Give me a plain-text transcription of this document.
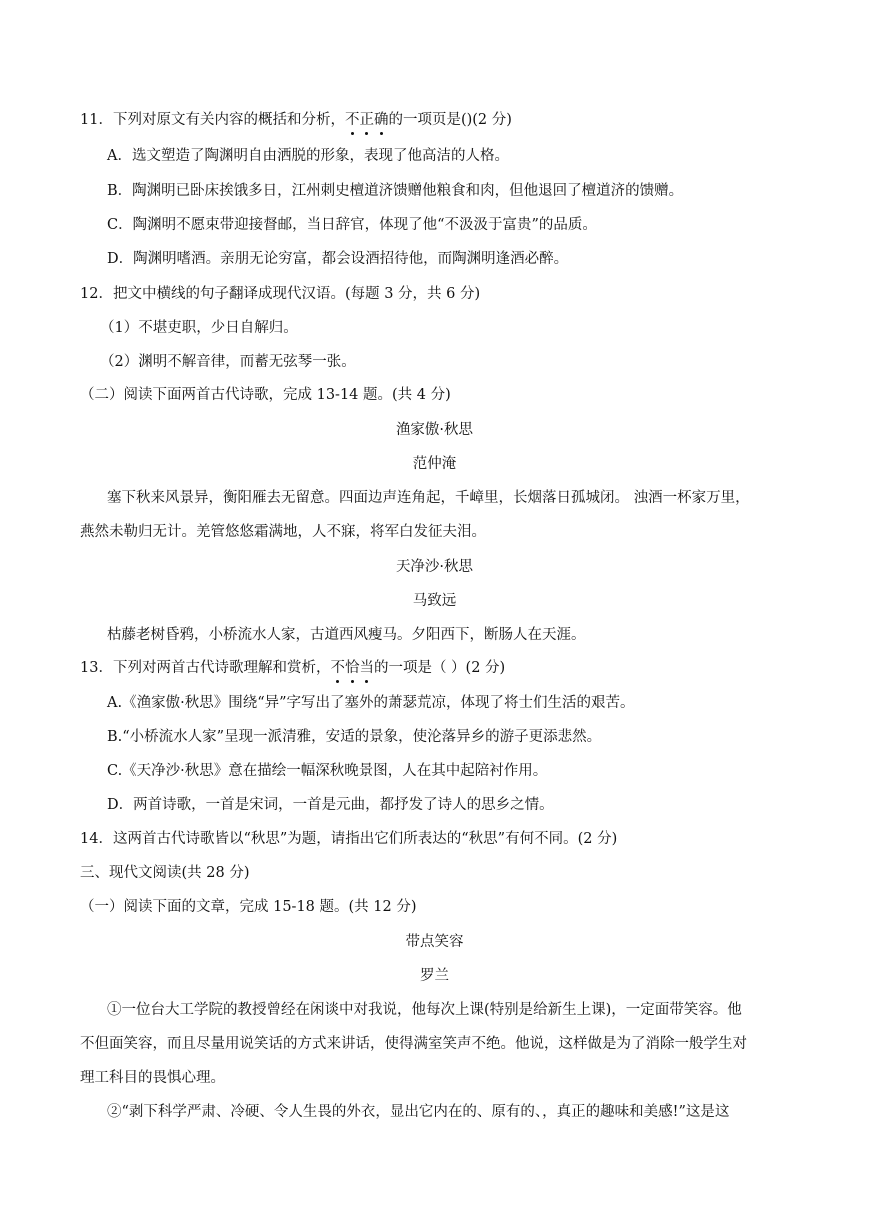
11．下列对原文有关内容的概括和分析，不正确的一项页是()(2 分)
A．选文塑造了陶渊明自由洒脱的形象，表现了他高洁的人格。
B．陶渊明已卧床挨饿多日，江州刺史檀道济馈赠他粮食和肉，但他退回了檀道济的馈赠。
C．陶渊明不愿束带迎接督邮，当日辞官，体现了他“不汲汲于富贵”的品质。
D．陶渊明嗜酒。亲朋无论穷富，都会设酒招待他，而陶渊明逢酒必醉。
12．把文中横线的句子翻译成现代汉语。(每题 3 分，共 6 分)
（1）不堪吏职，少日自解归。
（2）渊明不解音律，而蓄无弦琴一张。
（二）阅读下面两首古代诗歌，完成 13-14 题。(共 4 分)
渔家傲·秋思
范仲淹
塞下秋来风景异，衡阳雁去无留意。四面边声连角起，千嶂里，长烟落日孤城闭。 浊酒一杯家万里，
燕然未勒归无计。羌管悠悠霜满地，人不寐，将军白发征夫泪。
天净沙·秋思
马致远
枯藤老树昏鸦，小桥流水人家，古道西风瘦马。夕阳西下，断肠人在天涯。
13．下列对两首古代诗歌理解和赏析，不恰当的一项是（ ）(2 分)
A.《渔家傲·秋思》围绕“异”字写出了塞外的萧瑟荒凉，体现了将士们生活的艰苦。
B.“小桥流水人家”呈现一派清雅，安适的景象，使沦落异乡的游子更添悲然。
C.《天净沙·秋思》意在描绘一幅深秋晚景图，人在其中起陪衬作用。
D．两首诗歌，一首是宋词，一首是元曲，都抒发了诗人的思乡之情。
14．这两首古代诗歌皆以“秋思”为题，请指出它们所表达的“秋思”有何不同。(2 分)
三、现代文阅读(共 28 分)
（一）阅读下面的文章，完成 15-18 题。(共 12 分)
带点笑容
罗兰
①一位台大工学院的教授曾经在闲谈中对我说，他每次上课(特别是给新生上课)，一定面带笑容。他
不但面笑容，而且尽量用说笑话的方式来讲话，使得满室笑声不绝。他说，这样做是为了消除一般学生对
理工科目的畏惧心理。
②“剥下科学严肃、冷硬、令人生畏的外衣，显出它内在的、原有的、，真正的趣味和美感!”这是这
